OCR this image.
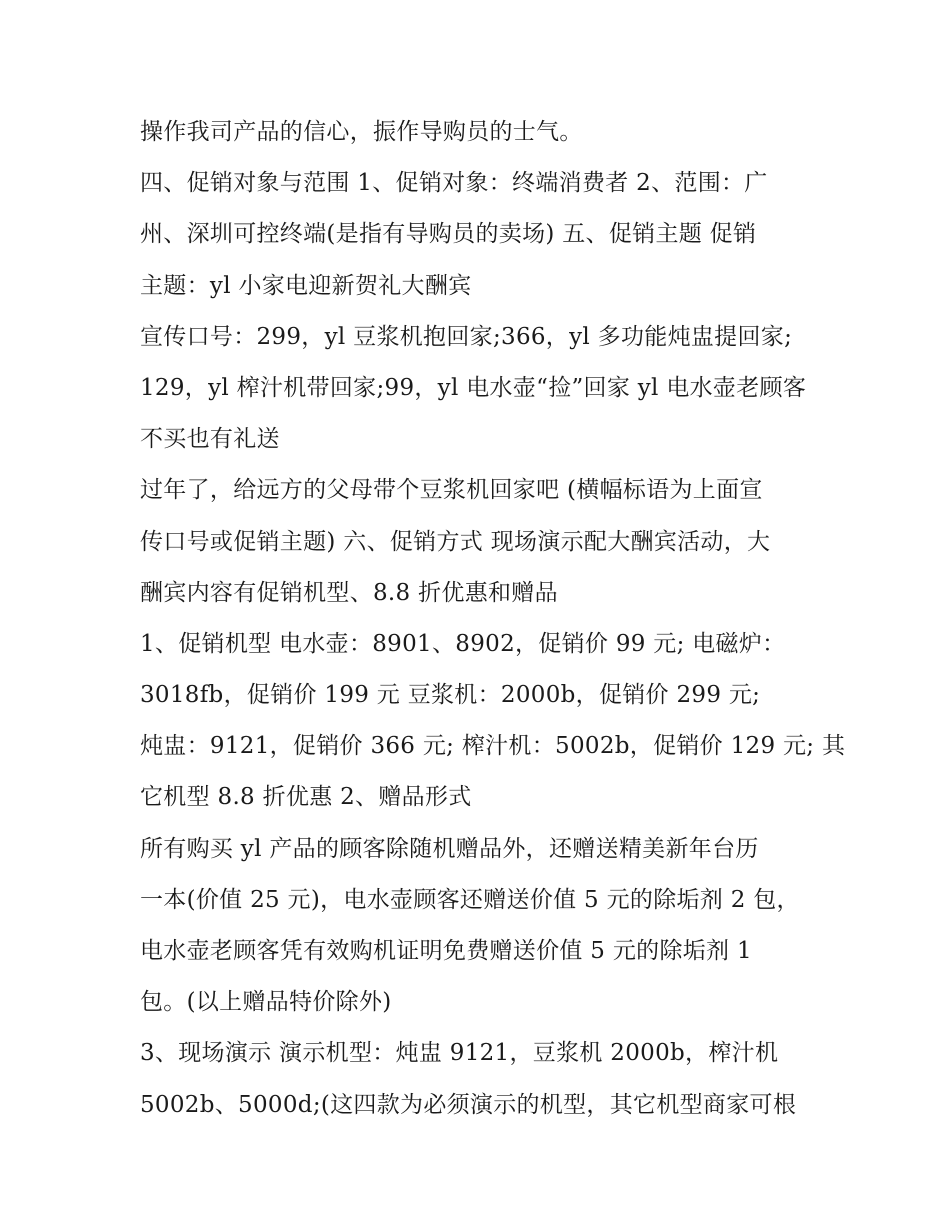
操作我司产品的信心，振作导购员的士气。

四、促销对象与范围 1、促销对象：终端消费者 2、范围：广

州、深圳可控终端(是指有导购员的卖场) 五、促销主题 促销

主题：yl 小家电迎新贺礼大酬宾

宣传口号：299，yl 豆浆机抱回家;366，yl 多功能炖盅提回家;

129，yl 榨汁机带回家;99，yl 电水壶“捡”回家 yl 电水壶老顾客

不买也有礼送

过年了，给远方的父母带个豆浆机回家吧 (横幅标语为上面宣

传口号或促销主题) 六、促销方式 现场演示配大酬宾活动，大

酬宾内容有促销机型、8.8 折优惠和赠品

1、促销机型 电水壶：8901、8902，促销价 99 元; 电磁炉：

3018fb，促销价 199 元 豆浆机：2000b，促销价 299 元;

炖盅：9121，促销价 366 元; 榨汁机：5002b，促销价 129 元; 其

它机型 8.8 折优惠 2、赠品形式

所有购买 yl 产品的顾客除随机赠品外，还赠送精美新年台历

一本(价值 25 元)，电水壶顾客还赠送价值 5 元的除垢剂 2 包，

电水壶老顾客凭有效购机证明免费赠送价值 5 元的除垢剂 1

包。(以上赠品特价除外)

3、现场演示 演示机型：炖盅 9121，豆浆机 2000b，榨汁机

5002b、5000d;(这四款为必须演示的机型，其它机型商家可根
